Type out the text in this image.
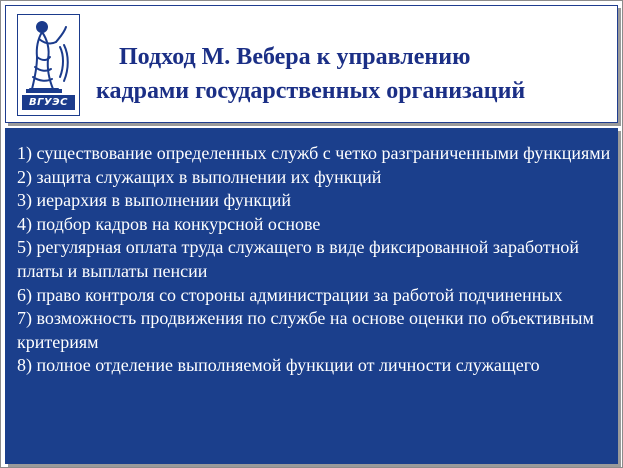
ВГУЭС
Подход М. Вебера к управлению
кадрами государственных организаций

1) существование определенных служб с четко разграниченными функциями

2) защита служащих в выполнении их функций

3) иерархия в выполнении функций

4) подбор кадров на конкурсной основе

5) регулярная оплата труда служащего в виде фиксированной заработной платы и выплаты пенсии

6) право контроля со стороны администрации за работой подчиненных

7) возможность продвижения по службе на основе оценки по объективным критериям

8) полное отделение выполняемой функции от личности служащего
